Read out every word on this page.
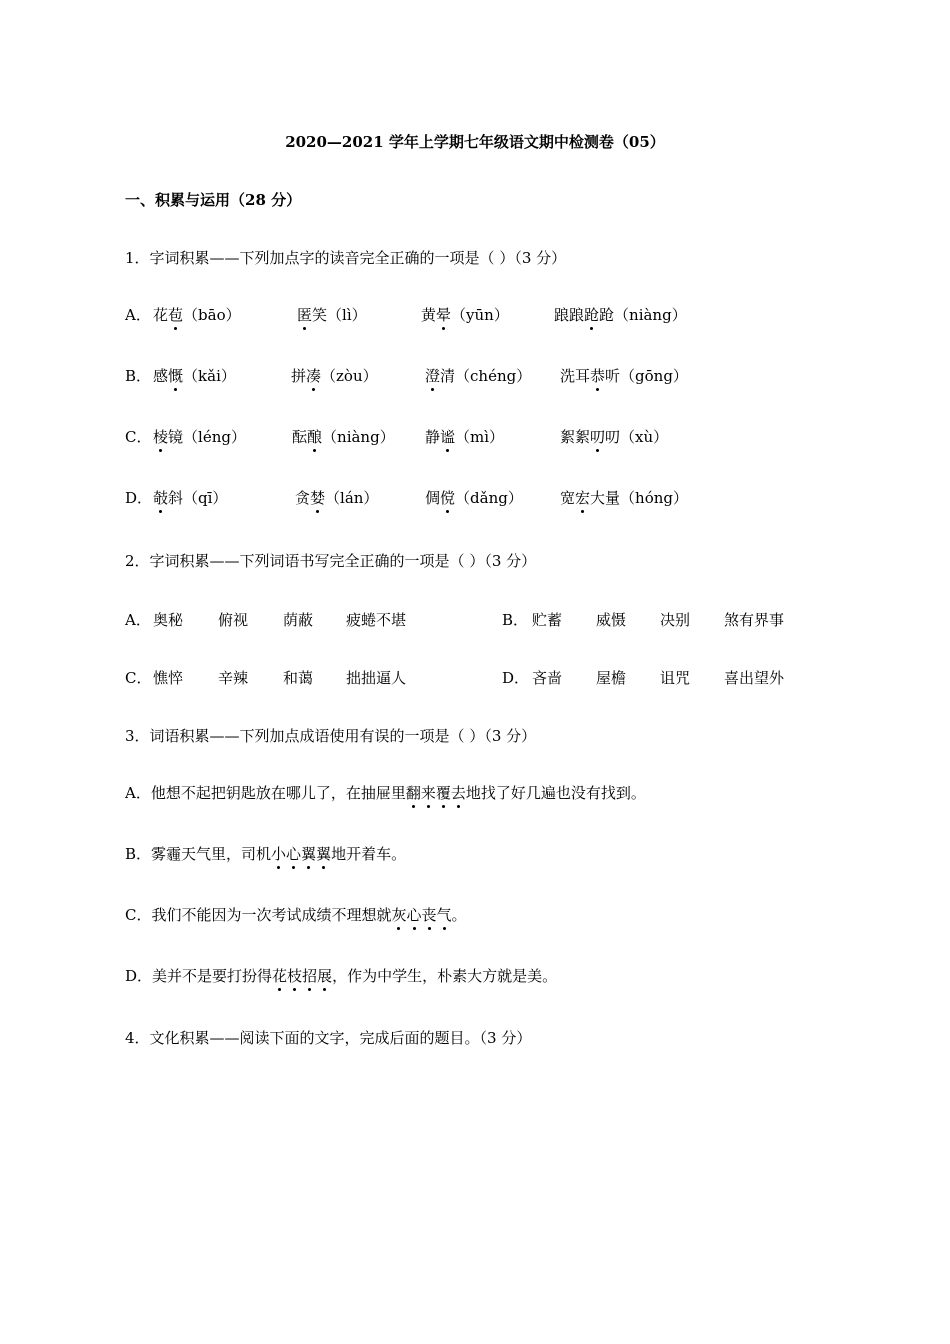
2020—2021 学年上学期七年级语文期中检测卷（05）
一、积累与运用（28 分）
1．字词积累——下列加点字的读音完全正确的一项是（ ）（3 分）
A． 花苞（bāo）	匿笑（lì）	黄晕（yūn）	踉踉跄跄（niàng）
B． 感慨（kǎi）	拼凑（zòu）	澄清（chéng） 洗耳恭听（gōng）
C． 棱镜（léng）	酝酿（niàng） 静谧（mì）	絮絮叨叨（xù）
D． 攲斜（qī）	贪婪（lán）	倜傥（dǎng） 宽宏大量（hóng）
2．字词积累——下列词语书写完全正确的一项是（ ）（3 分）
A． 奥秘 俯视 荫蔽 疲蜷不堪	B． 贮蓄 威慑 决别 煞有界事
C． 憔悴 辛辣 和蔼 拙拙逼人	D． 吝啬 屋檐 诅咒 喜出望外
3．词语积累——下列加点成语使用有误的一项是（ ）（3 分）
A．他想不起把钥匙放在哪儿了，在抽屉里翻来覆去地找了好几遍也没有找到。
B．雾霾天气里，司机小心翼翼地开着车。
C．我们不能因为一次考试成绩不理想就灰心丧气。
D．美并不是要打扮得花枝招展，作为中学生，朴素大方就是美。
4．文化积累——阅读下面的文字，完成后面的题目。（3 分）
